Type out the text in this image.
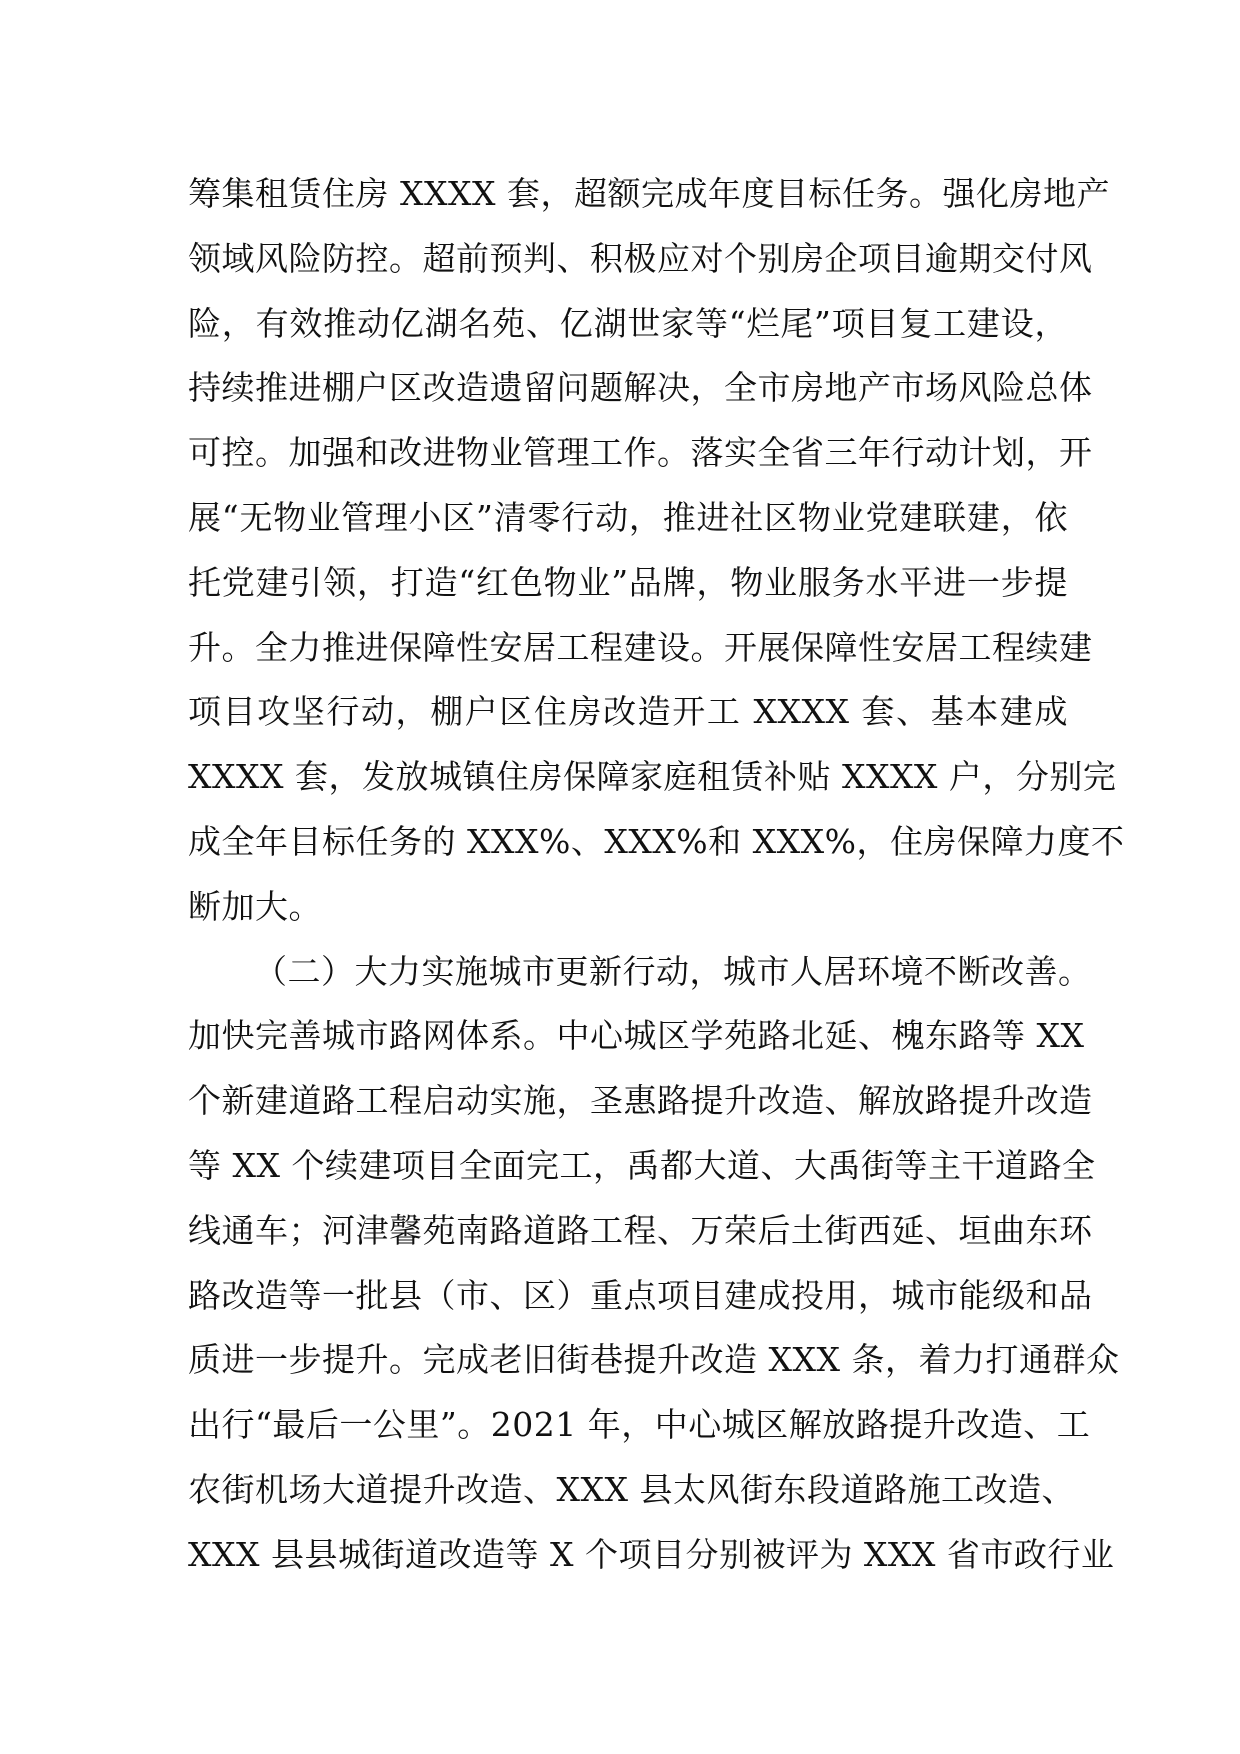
筹集租赁住房 XXXX 套，超额完成年度目标任务。强化房地产
领域风险防控。超前预判、积极应对个别房企项目逾期交付风
险，有效推动亿湖名苑、亿湖世家等“烂尾”项目复工建设，
持续推进棚户区改造遗留问题解决，全市房地产市场风险总体
可控。加强和改进物业管理工作。落实全省三年行动计划，开
展“无物业管理小区”清零行动，推进社区物业党建联建，依
托党建引领，打造“红色物业”品牌，物业服务水平进一步提
升。全力推进保障性安居工程建设。开展保障性安居工程续建
项目攻坚行动，棚户区住房改造开工 XXXX 套、基本建成
XXXX 套，发放城镇住房保障家庭租赁补贴 XXXX 户，分别完
成全年目标任务的 XXX%、XXX%和 XXX%，住房保障力度不
断加大。
（二）大力实施城市更新行动，城市人居环境不断改善。
加快完善城市路网体系。中心城区学苑路北延、槐东路等 XX
个新建道路工程启动实施，圣惠路提升改造、解放路提升改造
等 XX 个续建项目全面完工，禹都大道、大禹街等主干道路全
线通车；河津馨苑南路道路工程、万荣后土街西延、垣曲东环
路改造等一批县（市、区）重点项目建成投用，城市能级和品
质进一步提升。完成老旧街巷提升改造 XXX 条，着力打通群众
出行“最后一公里”。2021 年，中心城区解放路提升改造、工
农街机场大道提升改造、XXX 县太风街东段道路施工改造、
XXX 县县城街道改造等 X 个项目分别被评为 XXX 省市政行业
